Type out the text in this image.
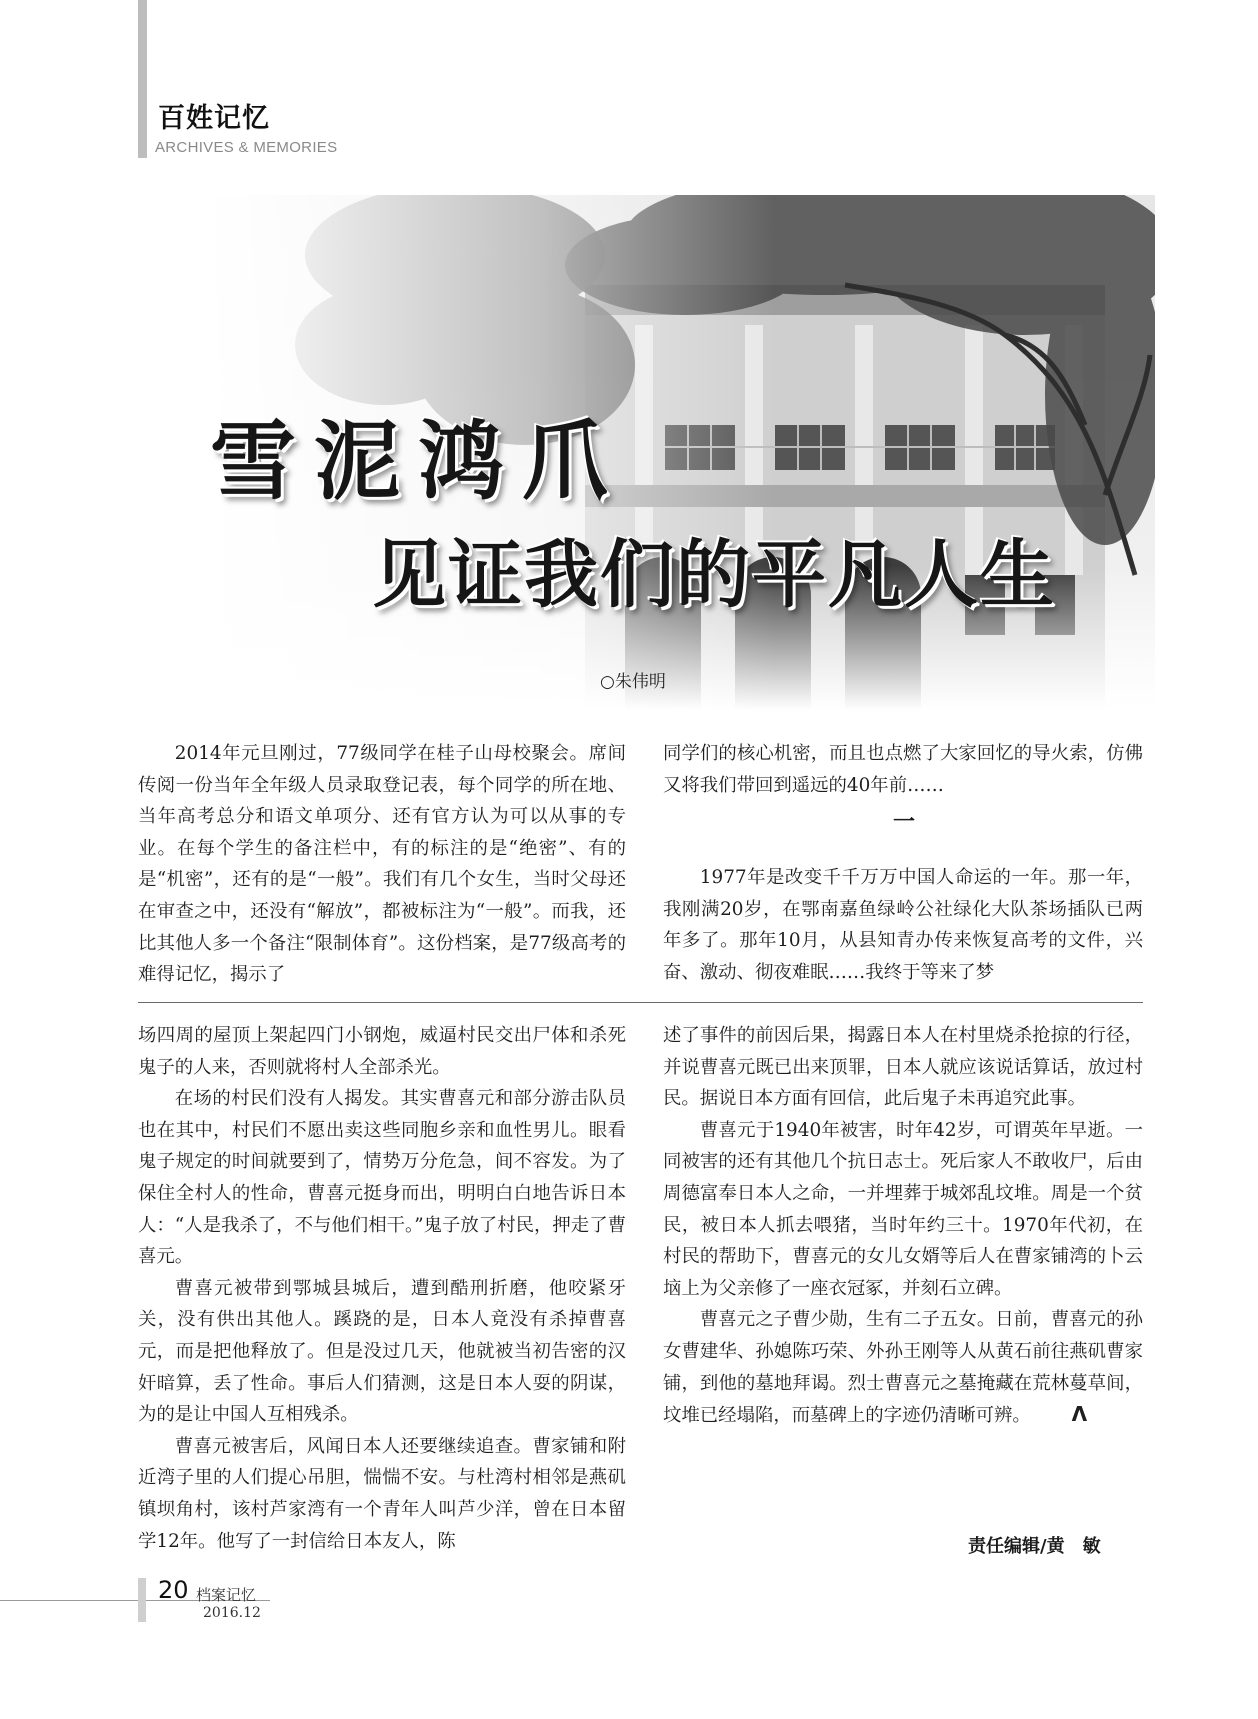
百姓记忆
ARCHIVES & MEMORIES
雪泥鸿爪
见证我们的平凡人生
○朱伟明

2014年元旦刚过，77级同学在桂子山母校聚会。席间传阅一份当年全年级人员录取登记表，每个同学的所在地、当年高考总分和语文单项分、还有官方认为可以从事的专业。在每个学生的备注栏中，有的标注的是“绝密”、有的是“机密”，还有的是“一般”。我们有几个女生，当时父母还在审查之中，还没有“解放”，都被标注为“一般”。而我，还比其他人多一个备注“限制体育”。这份档案，是77级高考的难得记忆，揭示了

同学们的核心机密，而且也点燃了大家回忆的导火索，仿佛又将我们带回到遥远的40年前……

一

1977年是改变千千万万中国人命运的一年。那一年，我刚满20岁，在鄂南嘉鱼绿岭公社绿化大队茶场插队已两年多了。那年10月，从县知青办传来恢复高考的文件，兴奋、激动、彻夜难眠……我终于等来了梦

场四周的屋顶上架起四门小钢炮，威逼村民交出尸体和杀死鬼子的人来，否则就将村人全部杀光。

在场的村民们没有人揭发。其实曹喜元和部分游击队员也在其中，村民们不愿出卖这些同胞乡亲和血性男儿。眼看鬼子规定的时间就要到了，情势万分危急，间不容发。为了保住全村人的性命，曹喜元挺身而出，明明白白地告诉日本人：“人是我杀了，不与他们相干。”鬼子放了村民，押走了曹喜元。

曹喜元被带到鄂城县城后，遭到酷刑折磨，他咬紧牙关，没有供出其他人。蹊跷的是，日本人竟没有杀掉曹喜元，而是把他释放了。但是没过几天，他就被当初告密的汉奸暗算，丢了性命。事后人们猜测，这是日本人耍的阴谋，为的是让中国人互相残杀。

曹喜元被害后，风闻日本人还要继续追查。曹家铺和附近湾子里的人们提心吊胆，惴惴不安。与杜湾村相邻是燕矶镇坝角村，该村芦家湾有一个青年人叫芦少洋，曾在日本留学12年。他写了一封信给日本友人，陈

述了事件的前因后果，揭露日本人在村里烧杀抢掠的行径，并说曹喜元既已出来顶罪，日本人就应该说话算话，放过村民。据说日本方面有回信，此后鬼子未再追究此事。

曹喜元于1940年被害，时年42岁，可谓英年早逝。一同被害的还有其他几个抗日志士。死后家人不敢收尸，后由周德富奉日本人之命，一并埋葬于城郊乱坟堆。周是一个贫民，被日本人抓去喂猪，当时年约三十。1970年代初，在村民的帮助下，曹喜元的女儿女婿等后人在曹家铺湾的卜云垴上为父亲修了一座衣冠冢，并刻石立碑。

曹喜元之子曹少勋，生有二子五女。日前，曹喜元的孙女曹建华、孙媳陈巧荣、外孙王刚等人从黄石前往燕矶曹家铺，到他的墓地拜谒。烈士曹喜元之墓掩藏在荒林蔓草间，坟堆已经塌陷，而墓碑上的字迹仍清晰可辨。 Λ

责任编辑/黄　敏
20 档案记忆
2016.12
